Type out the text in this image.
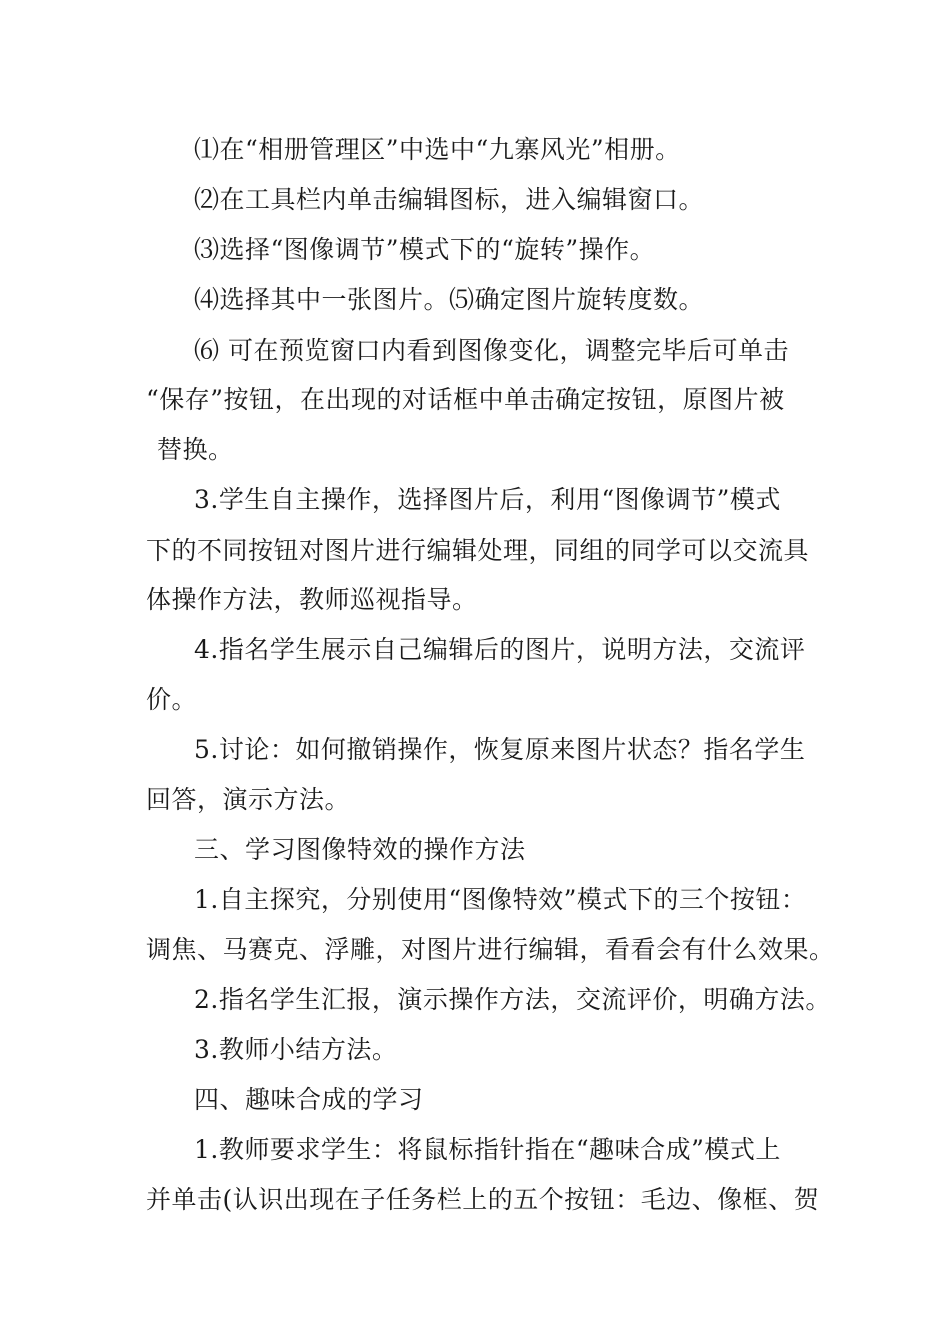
⑴在“相册管理区”中选中“九寨风光”相册。
⑵在工具栏内单击编辑图标，进入编辑窗口。
⑶选择“图像调节”模式下的“旋转”操作。
⑷选择其中一张图片。⑸确定图片旋转度数。
⑹ 可在预览窗口内看到图像变化，调整完毕后可单击
“保存”按钮，在出现的对话框中单击确定按钮，原图片被
替换。
3.学生自主操作，选择图片后，利用“图像调节”模式
下的不同按钮对图片进行编辑处理，同组的同学可以交流具
体操作方法，教师巡视指导。
4.指名学生展示自己编辑后的图片，说明方法，交流评
价。
5.讨论：如何撤销操作，恢复原来图片状态？指名学生
回答，演示方法。
三、学习图像特效的操作方法
1.自主探究，分别使用“图像特效”模式下的三个按钮：
调焦、马赛克、浮雕，对图片进行编辑，看看会有什么效果。
2.指名学生汇报，演示操作方法，交流评价，明确方法。
3.教师小结方法。
四、趣味合成的学习
1.教师要求学生：将鼠标指针指在“趣味合成”模式上
并单击(认识出现在子任务栏上的五个按钮：毛边、像框、贺
